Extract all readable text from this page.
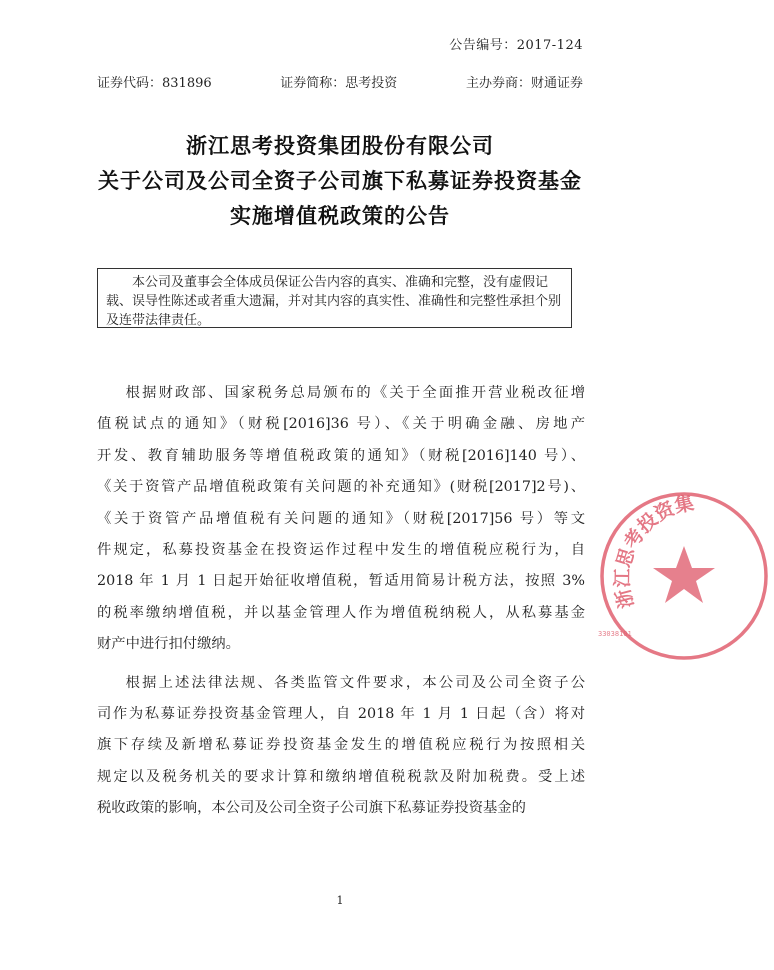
公告编号：2017-124
证券代码：831896	证券简称：思考投资	主办券商：财通证券
浙江思考投资集团股份有限公司
关于公司及公司全资子公司旗下私募证券投资基金
实施增值税政策的公告
本公司及董事会全体成员保证公告内容的真实、准确和完整，没有虚假记载、误导性陈述或者重大遗漏，并对其内容的真实性、准确性和完整性承担个别及连带法律责任。

根据财政部、国家税务总局颁布的《关于全面推开营业税改征增
值税试点的通知》（财税[2016]36 号）、《关于明确金融、房地产
开发、教育辅助服务等增值税政策的通知》（财税[2016]140 号）、
《关于资管产品增值税政策有关问题的补充通知》(财税[2017]2号)、
《关于资管产品增值税有关问题的通知》（财税[2017]56 号）等文
件规定，私募投资基金在投资运作过程中发生的增值税应税行为，自
2018 年 1 月 1 日起开始征收增值税，暂适用简易计税方法，按照 3%
的税率缴纳增值税，并以基金管理人作为增值税纳税人，从私募基金
财产中进行扣付缴纳。

根据上述法律法规、各类监管文件要求，本公司及公司全资子公
司作为私募证券投资基金管理人，自 2018 年 1 月 1 日起（含）将对
旗下存续及新增私募证券投资基金发生的增值税应税行为按照相关
规定以及税务机关的要求计算和缴纳增值税税款及附加税费。受上述
税收政策的影响，本公司及公司全资子公司旗下私募证券投资基金的

1
浙江思考投资集
33038101
